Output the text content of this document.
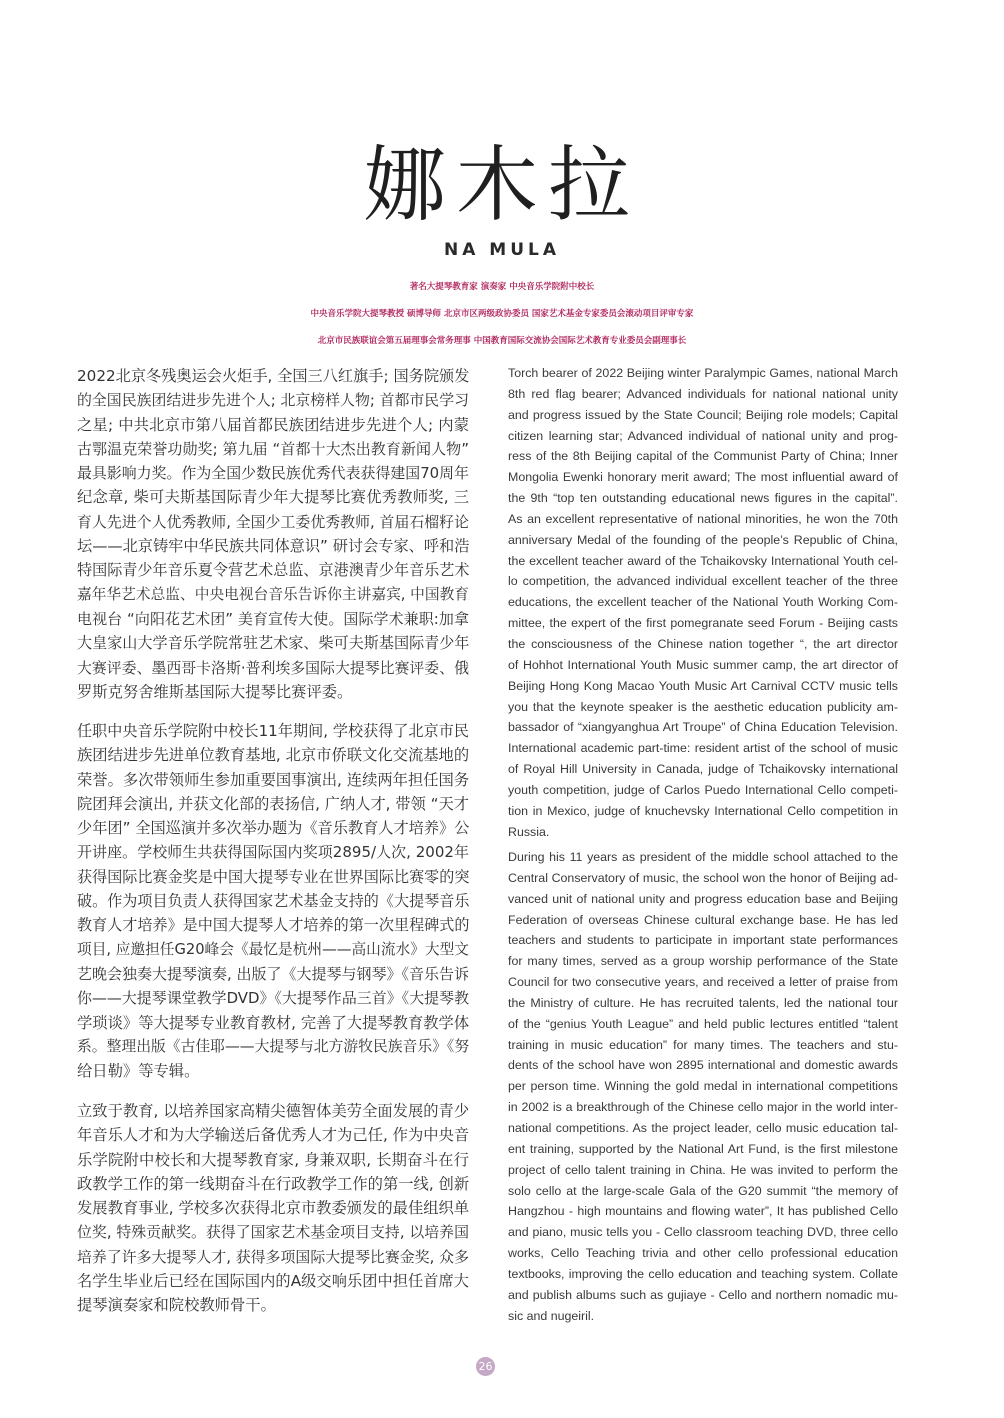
娜木拉
NA MULA
著名大提琴教育家 演奏家 中央音乐学院附中校长
中央音乐学院大提琴教授 硕博导师 北京市区两级政协委员 国家艺术基金专家委员会滚动项目评审专家
北京市民族联谊会第五届理事会常务理事 中国教育国际交流协会国际艺术教育专业委员会副理事长
2022北京冬残奥运会火炬手, 全国三八红旗手; 国务院颁发
的全国民族团结进步先进个人; 北京榜样人物; 首都市民学习
之星; 中共北京市第八届首都民族团结进步先进个人; 内蒙
古鄂温克荣誉功勋奖; 第九届 “首都十大杰出教育新闻人物”
最具影响力奖。作为全国少数民族优秀代表获得建国70周年
纪念章, 柴可夫斯基国际青少年大提琴比赛优秀教师奖, 三
育人先进个人优秀教师, 全国少工委优秀教师, 首届石榴籽论
坛——北京铸牢中华民族共同体意识” 研讨会专家、呼和浩
特国际青少年音乐夏令营艺术总监、京港澳青少年音乐艺术
嘉年华艺术总监、中央电视台音乐告诉你主讲嘉宾, 中国教育
电视台 “向阳花艺术团” 美育宣传大使。国际学术兼职:加拿
大皇家山大学音乐学院常驻艺术家、柴可夫斯基国际青少年
大赛评委、墨西哥卡洛斯·普利埃多国际大提琴比赛评委、俄
罗斯克努舍维斯基国际大提琴比赛评委。
任职中央音乐学院附中校长11年期间, 学校获得了北京市民
族团结进步先进单位教育基地, 北京市侨联文化交流基地的
荣誉。多次带领师生参加重要国事演出, 连续两年担任国务
院团拜会演出, 并获文化部的表扬信, 广纳人才, 带领 “天才
少年团” 全国巡演并多次举办题为《音乐教育人才培养》公
开讲座。学校师生共获得国际国内奖项2895/人次, 2002年
获得国际比赛金奖是中国大提琴专业在世界国际比赛零的突
破。作为项目负责人获得国家艺术基金支持的《大提琴音乐
教育人才培养》是中国大提琴人才培养的第一次里程碑式的
项目, 应邀担任G20峰会《最忆是杭州——高山流水》大型文
艺晚会独奏大提琴演奏, 出版了《大提琴与钢琴》《音乐告诉
你——大提琴课堂教学DVD》《大提琴作品三首》《大提琴教
学琐谈》等大提琴专业教育教材, 完善了大提琴教育教学体
系。整理出版《古佳耶——大提琴与北方游牧民族音乐》《努
给日勒》等专辑。
立致于教育, 以培养国家高精尖德智体美劳全面发展的青少
年音乐人才和为大学输送后备优秀人才为己任, 作为中央音
乐学院附中校长和大提琴教育家, 身兼双职, 长期奋斗在行
政教学工作的第一线期奋斗在行政教学工作的第一线, 创新
发展教育事业, 学校多次获得北京市教委颁发的最佳组织单
位奖, 特殊贡献奖。获得了国家艺术基金项目支持, 以培养国
培养了许多大提琴人才, 获得多项国际大提琴比赛金奖, 众多
名学生毕业后已经在国际国内的A级交响乐团中担任首席大
提琴演奏家和院校教师骨干。
Torch bearer of 2022 Beijing winter Paralympic Games, national March
8th red flag bearer; Advanced individuals for national national unity
and progress issued by the State Council; Beijing role models; Capital
citizen learning star; Advanced individual of national unity and prog-
ress of the 8th Beijing capital of the Communist Party of China; Inner
Mongolia Ewenki honorary merit award; The most influential award of
the 9th “top ten outstanding educational news figures in the capital”.
As an excellent representative of national minorities, he won the 70th
anniversary Medal of the founding of the people’s Republic of China,
the excellent teacher award of the Tchaikovsky International Youth cel-
lo competition, the advanced individual excellent teacher of the three
educations, the excellent teacher of the National Youth Working Com-
mittee, the expert of the first pomegranate seed Forum - Beijing casts
the consciousness of the Chinese nation together “, the art director
of Hohhot International Youth Music summer camp, the art director of
Beijing Hong Kong Macao Youth Music Art Carnival CCTV music tells
you that the keynote speaker is the aesthetic education publicity am-
bassador of “xiangyanghua Art Troupe” of China Education Television.
International academic part-time: resident artist of the school of music
of Royal Hill University in Canada, judge of Tchaikovsky international
youth competition, judge of Carlos Puedo International Cello competi-
tion in Mexico, judge of knuchevsky International Cello competition in
Russia.
During his 11 years as president of the middle school attached to the
Central Conservatory of music, the school won the honor of Beijing ad-
vanced unit of national unity and progress education base and Beijing
Federation of overseas Chinese cultural exchange base. He has led
teachers and students to participate in important state performances
for many times, served as a group worship performance of the State
Council for two consecutive years, and received a letter of praise from
the Ministry of culture. He has recruited talents, led the national tour
of the “genius Youth League” and held public lectures entitled “talent
training in music education” for many times. The teachers and stu-
dents of the school have won 2895 international and domestic awards
per person time. Winning the gold medal in international competitions
in 2002 is a breakthrough of the Chinese cello major in the world inter-
national competitions. As the project leader, cello music education tal-
ent training, supported by the National Art Fund, is the first milestone
project of cello talent training in China. He was invited to perform the
solo cello at the large-scale Gala of the G20 summit “the memory of
Hangzhou - high mountains and flowing water”, It has published Cello
and piano, music tells you - Cello classroom teaching DVD, three cello
works, Cello Teaching trivia and other cello professional education
textbooks, improving the cello education and teaching system. Collate
and publish albums such as gujiaye - Cello and northern nomadic mu-
sic and nugeiril.
26
